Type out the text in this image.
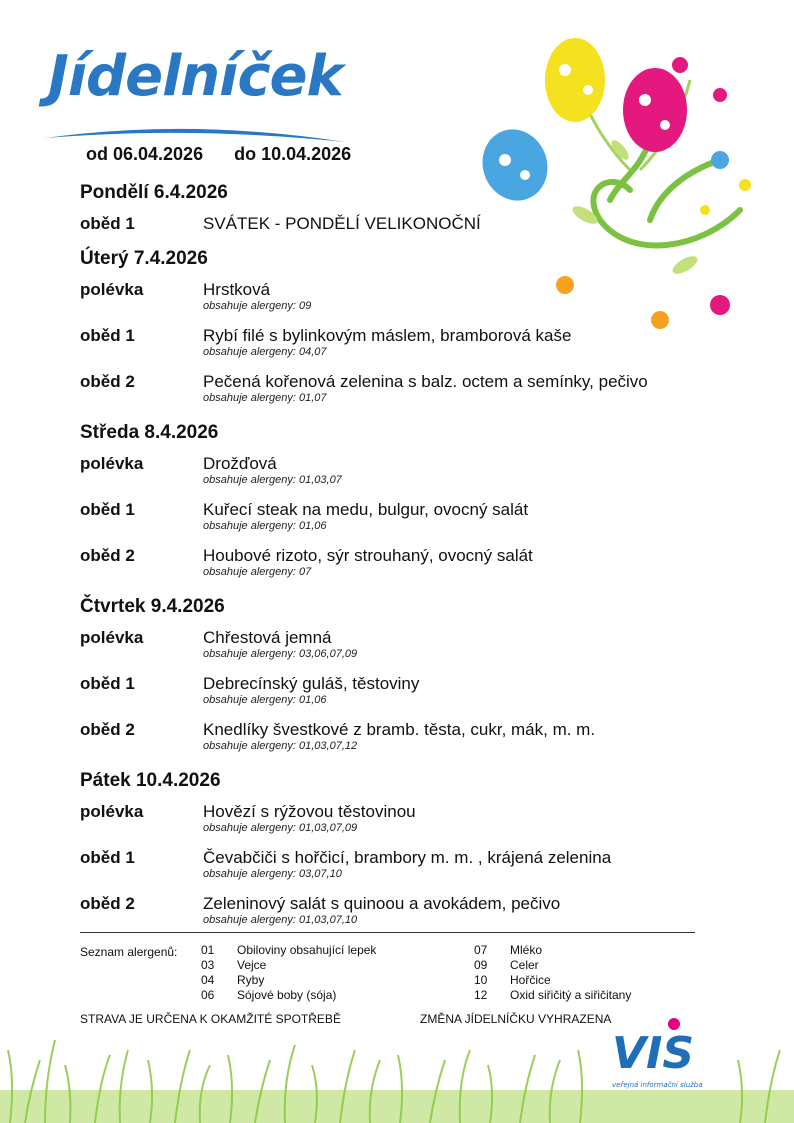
Jídelníček
od 06.04.2026 do 10.04.2026
Pondělí 6.4.2026
oběd 1	SVÁTEK - PONDĚLÍ VELIKONOČNÍ
Úterý 7.4.2026
polévka	Hrstková
obsahuje alergeny: 09
oběd 1	Rybí filé s bylinkovým máslem, bramborová kaše
obsahuje alergeny: 04,07
oběd 2	Pečená kořenová zelenina s balz. octem a semínky, pečivo
obsahuje alergeny: 01,07
Středa 8.4.2026
polévka	Drožďová
obsahuje alergeny: 01,03,07
oběd 1	Kuřecí steak na medu, bulgur, ovocný salát
obsahuje alergeny: 01,06
oběd 2	Houbové rizoto, sýr strouhaný, ovocný salát
obsahuje alergeny: 07
Čtvrtek 9.4.2026
polévka	Chřestová jemná
obsahuje alergeny: 03,06,07,09
oběd 1	Debrecínský guláš, těstoviny
obsahuje alergeny: 01,06
oběd 2	Knedlíky švestkové z bramb. těsta, cukr, mák, m. m.
obsahuje alergeny: 01,03,07,12
Pátek 10.4.2026
polévka	Hovězí s rýžovou těstovinou
obsahuje alergeny: 01,03,07,09
oběd 1	Čevabčiči s hořčicí, brambory m. m. , krájená zelenina
obsahuje alergeny: 03,07,10
oběd 2	Zeleninový salát s quinoou a avokádem, pečivo
obsahuje alergeny: 01,03,07,10
Seznam alergenů: 01 Obiloviny obsahující lepek
03 Vejce
04 Ryby
06 Sójové boby (sója)
07 Mléko
09 Celer
10 Hořčice
12 Oxid siřičitý a siřičitany
STRAVA JE URČENA K OKAMŽITÉ SPOTŘEBĚ	ZMĚNA JÍDELNÍČKU VYHRAZENA
VIS
veřejná informační služba
